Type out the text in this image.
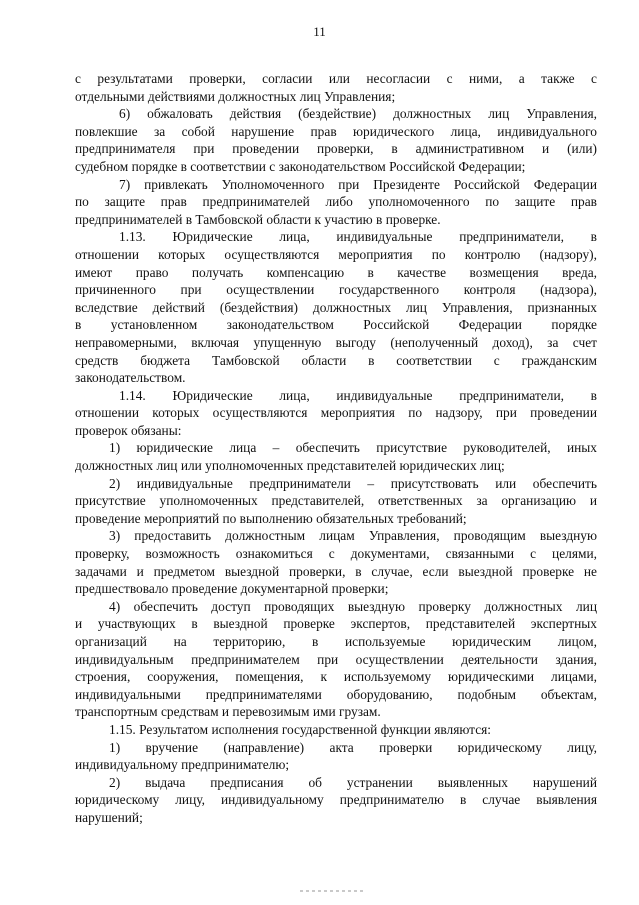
11
с результатами проверки, согласии или несогласии с ними, а также с
отдельными действиями должностных лиц Управления;
6) обжаловать действия (бездействие) должностных лиц Управления,
повлекшие за собой нарушение прав юридического лица, индивидуального
предпринимателя при проведении проверки, в административном и (или)
судебном порядке в соответствии с законодательством Российской Федерации;
7) привлекать Уполномоченного при Президенте Российской Федерации
по защите прав предпринимателей либо уполномоченного по защите прав
предпринимателей в Тамбовской области к участию в проверке.
1.13. Юридические лица, индивидуальные предприниматели, в
отношении которых осуществляются мероприятия по контролю (надзору),
имеют право получать компенсацию в качестве возмещения вреда,
причиненного при осуществлении государственного контроля (надзора),
вследствие действий (бездействия) должностных лиц Управления, признанных
в установленном законодательством Российской Федерации порядке
неправомерными, включая упущенную выгоду (неполученный доход), за счет
средств бюджета Тамбовской области в соответствии с гражданским
законодательством.
1.14. Юридические лица, индивидуальные предприниматели, в
отношении которых осуществляются мероприятия по надзору, при проведении
проверок обязаны:
1) юридические лица – обеспечить присутствие руководителей, иных
должностных лиц или уполномоченных представителей юридических лиц;
2) индивидуальные предприниматели – присутствовать или обеспечить
присутствие уполномоченных представителей, ответственных за организацию и
проведение мероприятий по выполнению обязательных требований;
3) предоставить должностным лицам Управления, проводящим выездную
проверку, возможность ознакомиться с документами, связанными с целями,
задачами и предметом выездной проверки, в случае, если выездной проверке не
предшествовало проведение документарной проверки;
4) обеспечить доступ проводящих выездную проверку должностных лиц
и участвующих в выездной проверке экспертов, представителей экспертных
организаций на территорию, в используемые юридическим лицом,
индивидуальным предпринимателем при осуществлении деятельности здания,
строения, сооружения, помещения, к используемому юридическими лицами,
индивидуальными предпринимателями оборудованию, подобным объектам,
транспортным средствам и перевозимым ими грузам.
1.15. Результатом исполнения государственной функции являются:
1) вручение (направление) акта проверки юридическому лицу,
индивидуальному предпринимателю;
2) выдача предписания об устранении выявленных нарушений
юридическому лицу, индивидуальному предпринимателю в случае выявления
нарушений;
